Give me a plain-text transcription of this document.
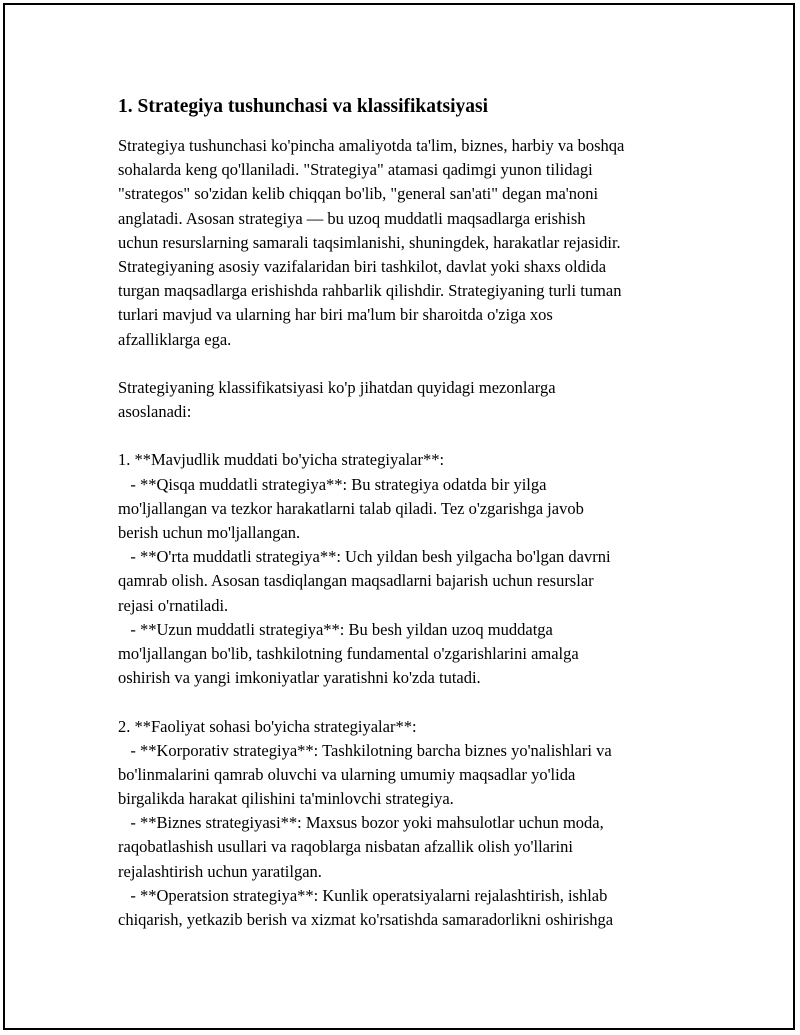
1. Strategiya tushunchasi va klassifikatsiyasi
Strategiya tushunchasi ko'pincha amaliyotda ta'lim, biznes, harbiy va boshqa
sohalarda keng qo'llaniladi. "Strategiya" atamasi qadimgi yunon tilidagi
"strategos" so'zidan kelib chiqqan bo'lib, "general san'ati" degan ma'noni
anglatadi. Asosan strategiya — bu uzoq muddatli maqsadlarga erishish
uchun resurslarning samarali taqsimlanishi, shuningdek, harakatlar rejasidir.
Strategiyaning asosiy vazifalaridan biri tashkilot, davlat yoki shaxs oldida
turgan maqsadlarga erishishda rahbarlik qilishdir. Strategiyaning turli tuman
turlari mavjud va ularning har biri ma'lum bir sharoitda o'ziga xos
afzalliklarga ega.
Strategiyaning klassifikatsiyasi ko'p jihatdan quyidagi mezonlarga
asoslanadi:
1. **Mavjudlik muddati bo'yicha strategiyalar**:
- **Qisqa muddatli strategiya**: Bu strategiya odatda bir yilga
mo'ljallangan va tezkor harakatlarni talab qiladi. Tez o'zgarishga javob
berish uchun mo'ljallangan.
- **O'rta muddatli strategiya**: Uch yildan besh yilgacha bo'lgan davrni
qamrab olish. Asosan tasdiqlangan maqsadlarni bajarish uchun resurslar
rejasi o'rnatiladi.
- **Uzun muddatli strategiya**: Bu besh yildan uzoq muddatga
mo'ljallangan bo'lib, tashkilotning fundamental o'zgarishlarini amalga
oshirish va yangi imkoniyatlar yaratishni ko'zda tutadi.
2. **Faoliyat sohasi bo'yicha strategiyalar**:
- **Korporativ strategiya**: Tashkilotning barcha biznes yo'nalishlari va
bo'linmalarini qamrab oluvchi va ularning umumiy maqsadlar yo'lida
birgalikda harakat qilishini ta'minlovchi strategiya.
- **Biznes strategiyasi**: Maxsus bozor yoki mahsulotlar uchun moda,
raqobatlashish usullari va raqoblarga nisbatan afzallik olish yo'llarini
rejalashtirish uchun yaratilgan.
- **Operatsion strategiya**: Kunlik operatsiyalarni rejalashtirish, ishlab
chiqarish, yetkazib berish va xizmat ko'rsatishda samaradorlikni oshirishga
